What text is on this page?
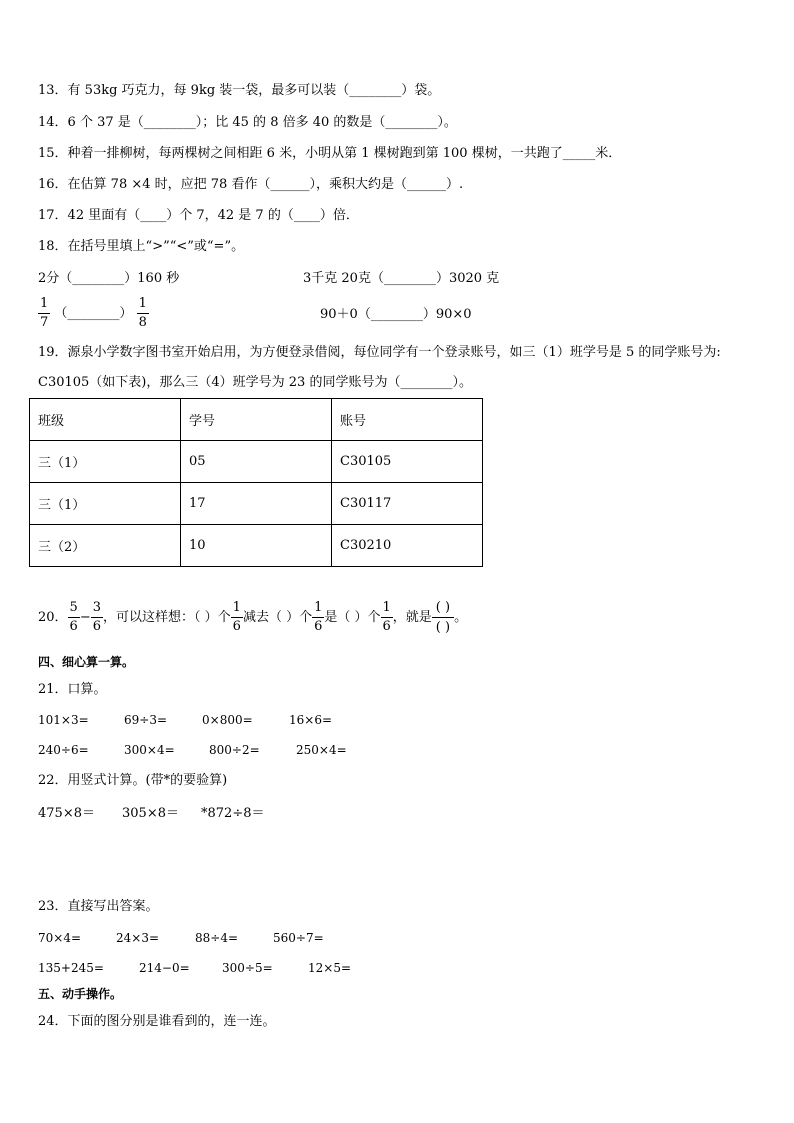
13．有 53kg 巧克力，每 9kg 装一袋，最多可以装（________）袋。
14．6 个 37 是（________）；比 45 的 8 倍多 40 的数是（________）。
15．种着一排柳树，每两棵树之间相距 6 米，小明从第 1 棵树跑到第 100 棵树，一共跑了_____米．
16．在估算 78 ×4 时，应把 78 看作（______），乘积大约是（______）.
17．42 里面有（____）个 7，42 是 7 的（____）倍．
18．在括号里填上“>”“<”或“=”。
2分（________）160 秒	3千克 20克（________）3020 克
$\frac{1}{7}$ （________） $\frac{1}{8}$	90＋0（________）90×0
19．源泉小学数字图书室开始启用，为方便登录借阅，每位同学有一个登录账号，如三（1）班学号是 5 的同学账号为:
C30105（如下表)，那么三（4）班学号为 23 的同学账号为（________）。
班级	学号	账号
三（1）	05	C30105
三（1）	17	C30117
三（2）	10	C30210
20． $\frac{5}{6} - \frac{3}{6}$ ，可以这样想：（ ）个 $\frac{1}{6}$ 减去（ ）个 $\frac{1}{6}$ 是（ ）个 $\frac{1}{6}$ ，就是 $\frac{( )}{( )}$ 。
四、细心算一算。
21．口算。
101×3=	69÷3=	0×800=	16×6=
240÷6=	300×4=	800÷2=	250×4=
22．用竖式计算。(带*的要验算)
475×8＝ 305×8＝ *872÷8＝
23．直接写出答案。
70×4=	24×3=	88÷4=	560÷7=
135+245=	214−0=	300÷5=	12×5=
五、动手操作。
24．下面的图分别是谁看到的，连一连。
